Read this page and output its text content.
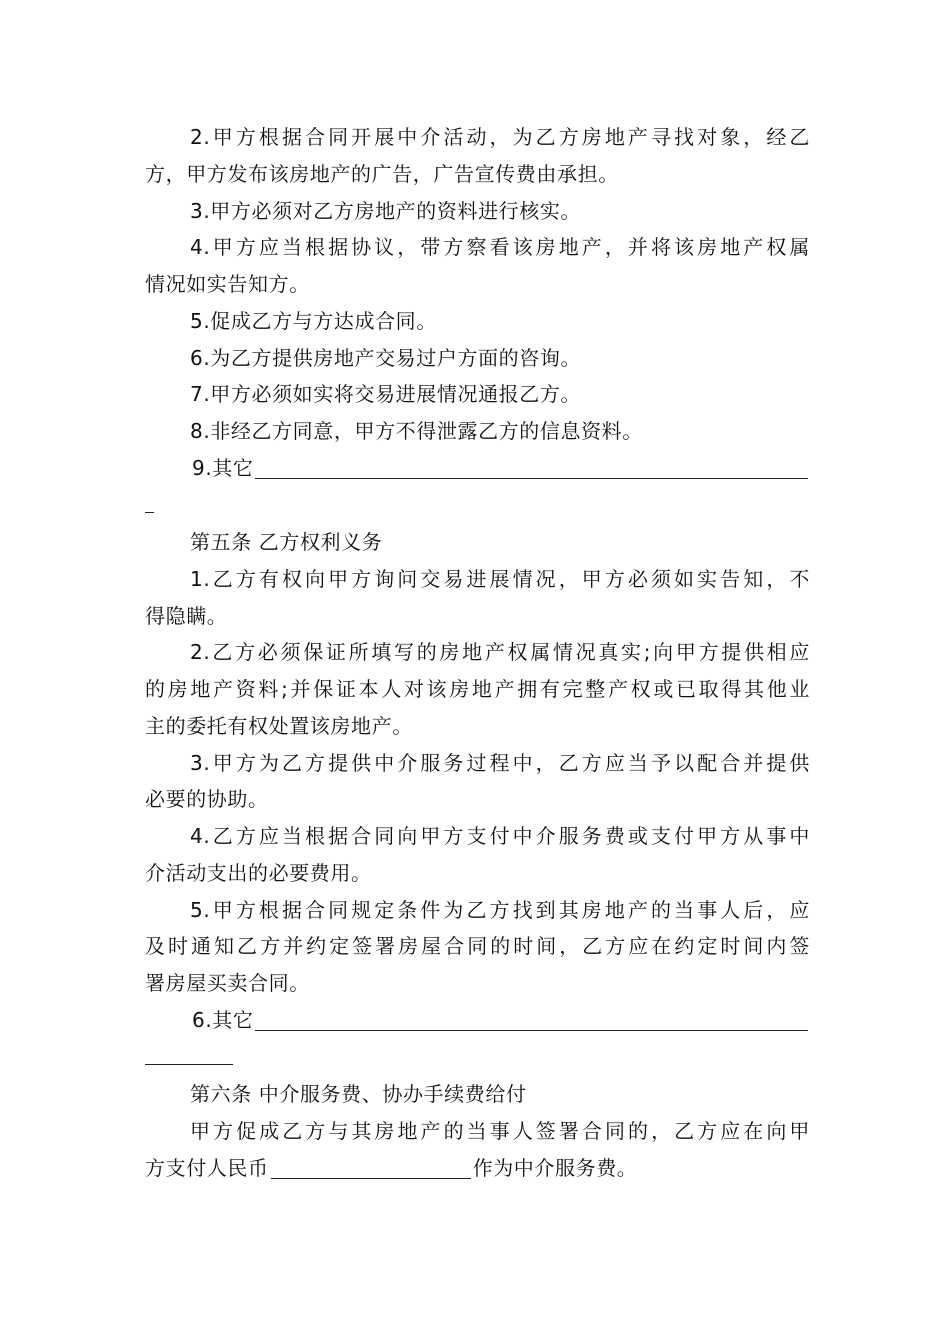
2.甲方根据合同开展中介活动，为乙方房地产寻找对象，经乙
方，甲方发布该房地产的广告，广告宣传费由承担。
3.甲方必须对乙方房地产的资料进行核实。
4.甲方应当根据协议，带方察看该房地产，并将该房地产权属
情况如实告知方。
5.促成乙方与方达成合同。
6.为乙方提供房地产交易过户方面的咨询。
7.甲方必须如实将交易进展情况通报乙方。
8.非经乙方同意，甲方不得泄露乙方的信息资料。
9.其它
第五条 乙方权利义务
1.乙方有权向甲方询问交易进展情况，甲方必须如实告知，不
得隐瞒。
2.乙方必须保证所填写的房地产权属情况真实;向甲方提供相应
的房地产资料;并保证本人对该房地产拥有完整产权或已取得其他业
主的委托有权处置该房地产。
3.甲方为乙方提供中介服务过程中，乙方应当予以配合并提供
必要的协助。
4.乙方应当根据合同向甲方支付中介服务费或支付甲方从事中
介活动支出的必要费用。
5.甲方根据合同规定条件为乙方找到其房地产的当事人后，应
及时通知乙方并约定签署房屋合同的时间，乙方应在约定时间内签
署房屋买卖合同。
6.其它
第六条 中介服务费、协办手续费给付
甲方促成乙方与其房地产的当事人签署合同的，乙方应在向甲
方支付人民币	作为中介服务费。
